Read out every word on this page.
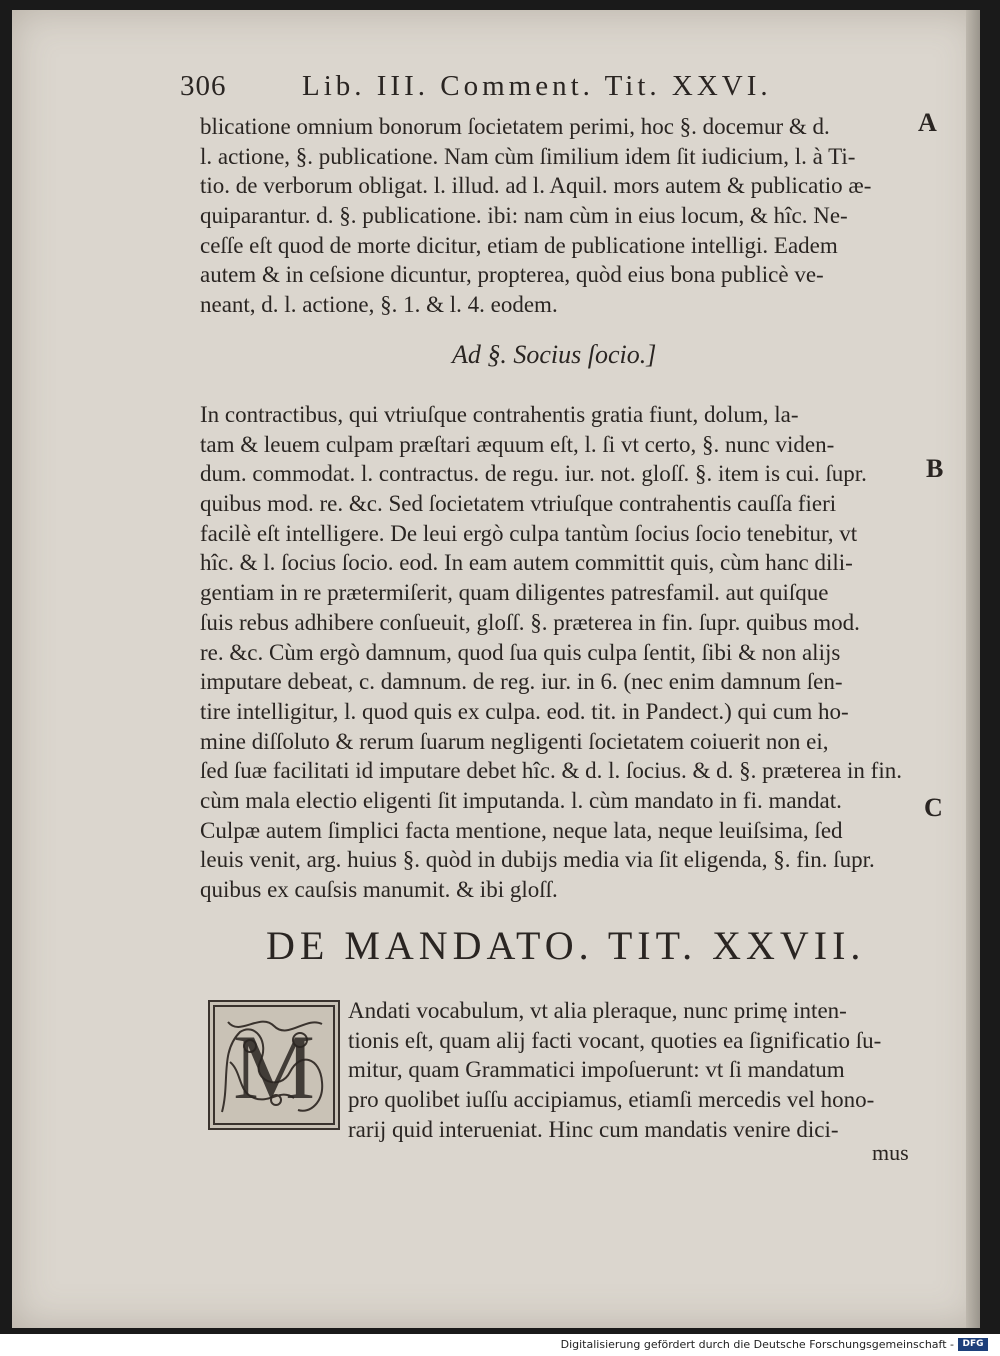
306	Lib. III. Comment. Tit. XXVI.
blicatione omnium bonorum ſocietatem perimi, hoc §. docemur & d.
l. actione, §. publicatione. Nam cùm ſimilium idem ſit iudicium, l. à Ti-
tio. de verborum obligat. l. illud. ad l. Aquil. mors autem & publicatio æ-
quiparantur. d. §. publicatione. ibi: nam cùm in eius locum, & hîc. Ne-
ceſſe eſt quod de morte dicitur, etiam de publicatione intelligi. Eadem
autem & in ceſsione dicuntur, propterea, quòd eius bona publicè ve-
neant, d. l. actione, §. 1. & l. 4. eodem.
Ad §. Socius ſocio.]
In contractibus, qui vtriuſque contrahentis gratia fiunt, dolum, la-
tam & leuem culpam præſtari æquum eſt, l. ſi vt certo, §. nunc viden-
dum. commodat. l. contractus. de regu. iur. not. gloſſ. §. item is cui. ſupr.
quibus mod. re. &c. Sed ſocietatem vtriuſque contrahentis cauſſa fieri
facilè eſt intelligere. De leui ergò culpa tantùm ſocius ſocio tenebitur, vt
hîc. & l. ſocius ſocio. eod. In eam autem committit quis, cùm hanc dili-
gentiam in re prætermiſerit, quam diligentes patresfamil. aut quiſque
ſuis rebus adhibere conſueuit, gloſſ. §. præterea in fin. ſupr. quibus mod.
re. &c. Cùm ergò damnum, quod ſua quis culpa ſentit, ſibi & non alijs
imputare debeat, c. damnum. de reg. iur. in 6. (nec enim damnum ſen-
tire intelligitur, l. quod quis ex culpa. eod. tit. in Pandect.) qui cum ho-
mine diſſoluto & rerum ſuarum negligenti ſocietatem coiuerit non ei,
ſed ſuæ facilitati id imputare debet hîc. & d. l. ſocius. & d. §. præterea in fin.
cùm mala electio eligenti ſit imputanda. l. cùm mandato in fi. mandat.
Culpæ autem ſimplici facta mentione, neque lata, neque leuiſsima, ſed
leuis venit, arg. huius §. quòd in dubijs media via ſit eligenda, §. fin. ſupr.
quibus ex cauſsis manumit. & ibi gloſſ.
A
B
C
DE MANDATO. TIT. XXVII.
M
Andati vocabulum, vt alia pleraque, nunc primę inten-
tionis eſt, quam alij facti vocant, quoties ea ſignificatio ſu-
mitur, quam Grammatici impoſuerunt: vt ſi mandatum
pro quolibet iuſſu accipiamus, etiamſi mercedis vel hono-
rarij quid interueniat. Hinc cum mandatis venire dici-
mus
Digitalisierung gefördert durch die Deutsche Forschungsgemeinschaft - DFG
